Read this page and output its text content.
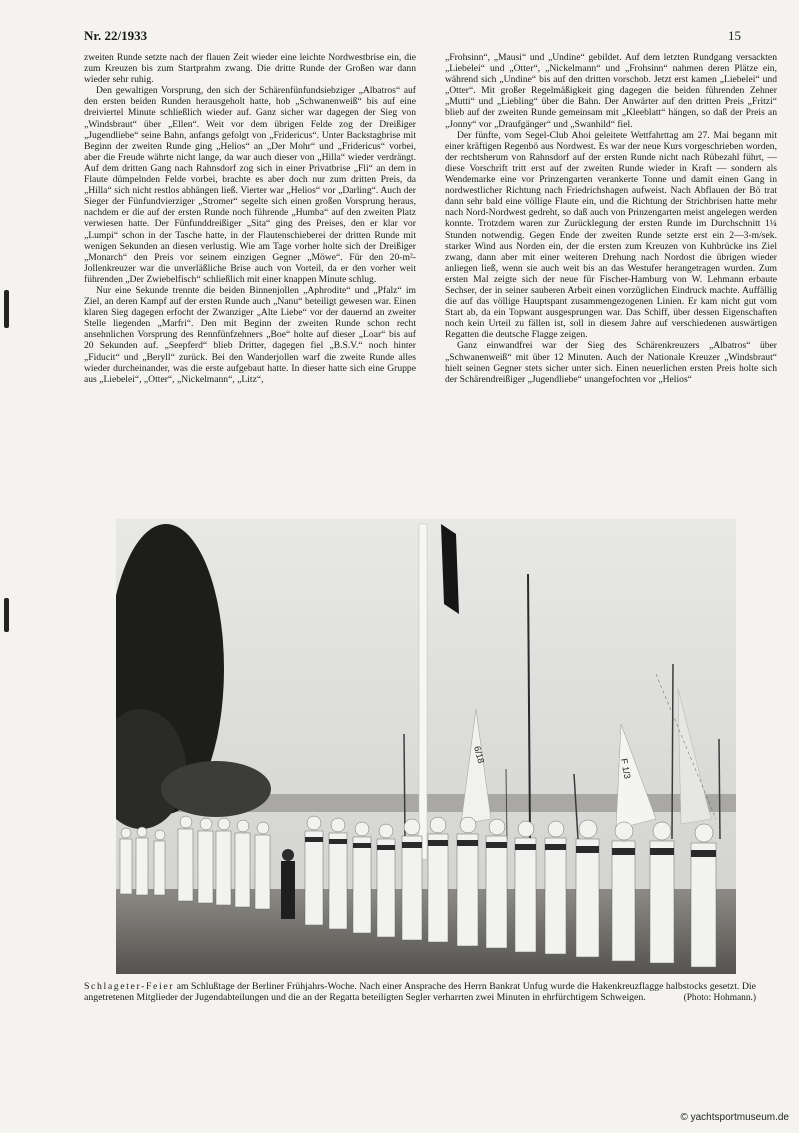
Nr. 22/1933	15

zweiten Runde setzte nach der flauen Zeit wieder eine leichte Nordwestbrise ein, die zum Kreuzen bis zum Startprahm zwang. Die dritte Runde der Großen war dann wieder sehr ruhig.

Den gewaltigen Vorsprung, den sich der Schärenfünfundsiebziger „Albatros“ auf den ersten beiden Runden herausgeholt hatte, hob „Schwanenweiß“ bis auf eine dreiviertel Minute schließlich wieder auf. Ganz sicher war dagegen der Sieg von „Windsbraut“ über „Ellen“. Weit vor dem übrigen Felde zog der Dreißiger „Jugendliebe“ seine Bahn, anfangs gefolgt von „Fridericus“. Unter Backstagbrise mit Beginn der zweiten Runde ging „Helios“ an „Der Mohr“ und „Fridericus“ vorbei, aber die Freude währte nicht lange, da war auch dieser von „Hilla“ wieder verdrängt. Auf dem dritten Gang nach Rahnsdorf zog sich in einer Privatbrise „Fli“ an dem in Flaute dümpelnden Felde vorbei, brachte es aber doch nur zum dritten Preis, da „Hilla“ sich nicht restlos abhängen ließ. Vierter war „Helios“ vor „Darling“. Auch der Sieger der Fünfundvierziger „Stromer“ segelte sich einen großen Vorsprung heraus, nachdem er die auf der ersten Runde noch führende „Humba“ auf den zweiten Platz verwiesen hatte. Der Fünfunddreißiger „Sita“ ging des Preises, den er klar vor „Lumpi“ schon in der Tasche hatte, in der Flautenschieberei der dritten Runde mit wenigen Sekunden an diesen verlustig. Wie am Tage vorher holte sich der Dreißiger „Monarch“ den Preis vor seinem einzigen Gegner „Möwe“. Für den 20-m²-Jollenkreuzer war die unverläßliche Brise auch von Vorteil, da er den vorher weit führenden „Der Zwiebelfisch“ schließlich mit einer knappen Minute schlug.

Nur eine Sekunde trennte die beiden Binnenjollen „Aphrodite“ und „Pfalz“ im Ziel, an deren Kampf auf der ersten Runde auch „Nanu“ beteiligt gewesen war. Einen klaren Sieg dagegen erfocht der Zwanziger „Alte Liebe“ vor der dauernd an zweiter Stelle liegenden „Marfri“. Den mit Beginn der zweiten Runde schon recht ansehnlichen Vorsprung des Rennfünfzehners „Boe“ holte auf dieser „Loar“ bis auf 20 Sekunden auf. „Seepferd“ blieb Dritter, dagegen fiel „B.S.V.“ noch hinter „Fiducit“ und „Beryll“ zurück. Bei den Wanderjollen warf die zweite Runde alles wieder durcheinander, was die erste aufgebaut hatte. In dieser hatte sich eine Gruppe aus „Liebelei“, „Otter“, „Nickelmann“, „Litz“,

„Frohsinn“, „Mausi“ und „Undine“ gebildet. Auf dem letzten Rundgang versackten „Liebelei“ und „Otter“, „Nickelmann“ und „Frohsinn“ nahmen deren Plätze ein, während sich „Undine“ bis auf den dritten vorschob. Jetzt erst kamen „Liebelei“ und „Otter“. Mit großer Regelmäßigkeit ging dagegen die beiden führenden Zehner „Mutti“ und „Liebling“ über die Bahn. Der Anwärter auf den dritten Preis „Fritzi“ blieb auf der zweiten Runde gemeinsam mit „Kleeblatt“ hängen, so daß der Preis an „Jonny“ vor „Draufgänger“ und „Swanhild“ fiel.

Der fünfte, vom Segel-Club Ahoi geleitete Wettfahrttag am 27. Mai begann mit einer kräftigen Regenbö aus Nordwest. Es war der neue Kurs vorgeschrieben worden, der rechtsherum von Rahnsdorf auf der ersten Runde nicht nach Rübezahl führt, — diese Vorschrift tritt erst auf der zweiten Runde wieder in Kraft — sondern als Wendemarke eine vor Prinzengarten verankerte Tonne und damit einen Gang in nordwestlicher Richtung nach Friedrichshagen aufweist. Nach Abflauen der Bö trat dann sehr bald eine völlige Flaute ein, und die Richtung der Strichbrisen hatte mehr nach Nord-Nordwest gedreht, so daß auch von Prinzengarten meist angelegen werden konnte. Trotzdem waren zur Zurücklegung der ersten Runde im Durchschnitt 1¼ Stunden notwendig. Gegen Ende der zweiten Runde setzte erst ein 2—3-m/sek. starker Wind aus Norden ein, der die ersten zum Kreuzen von Kuhbrücke ins Ziel zwang, dann aber mit einer weiteren Drehung nach Nordost die übrigen wieder anliegen ließ, wenn sie auch weit bis an das Westufer herangetragen wurden. Zum ersten Mal zeigte sich der neue für Fischer-Hamburg von W. Lehmann erbaute Sechser, der in seiner sauberen Arbeit einen vorzüglichen Eindruck machte. Auffällig die auf das völlige Hauptspant zusammengezogenen Linien. Er kam nicht gut vom Start ab, da ein Topwant ausgesprungen war. Das Schiff, über dessen Eigenschaften noch kein Urteil zu fällen ist, soll in diesem Jahre auf verschiedenen auswärtigen Regatten die deutsche Flagge zeigen.

Ganz einwandfrei war der Sieg des Schärenkreuzers „Albatros“ über „Schwanenweiß“ mit über 12 Minuten. Auch der Nationale Kreuzer „Windsbraut“ hielt seinen Gegner stets sicher unter sich. Einen neuerlichen ersten Preis holte sich der Schärendreißiger „Jugendliebe“ unangefochten vor „Helios“

6/18
F 1/3
Schlageter-Feier am Schlußtage der Berliner Frühjahrs-Woche. Nach einer Ansprache des Herrn Bankrat Unfug wurde die Hakenkreuzflagge halbstocks gesetzt. Die angetretenen Mitglieder der Jugendabteilungen und die an der Regatta beteiligten Segler verharrten zwei Minuten in ehrfürchtigem Schweigen.	(Photo: Hohmann.)
© yachtsportmuseum.de
